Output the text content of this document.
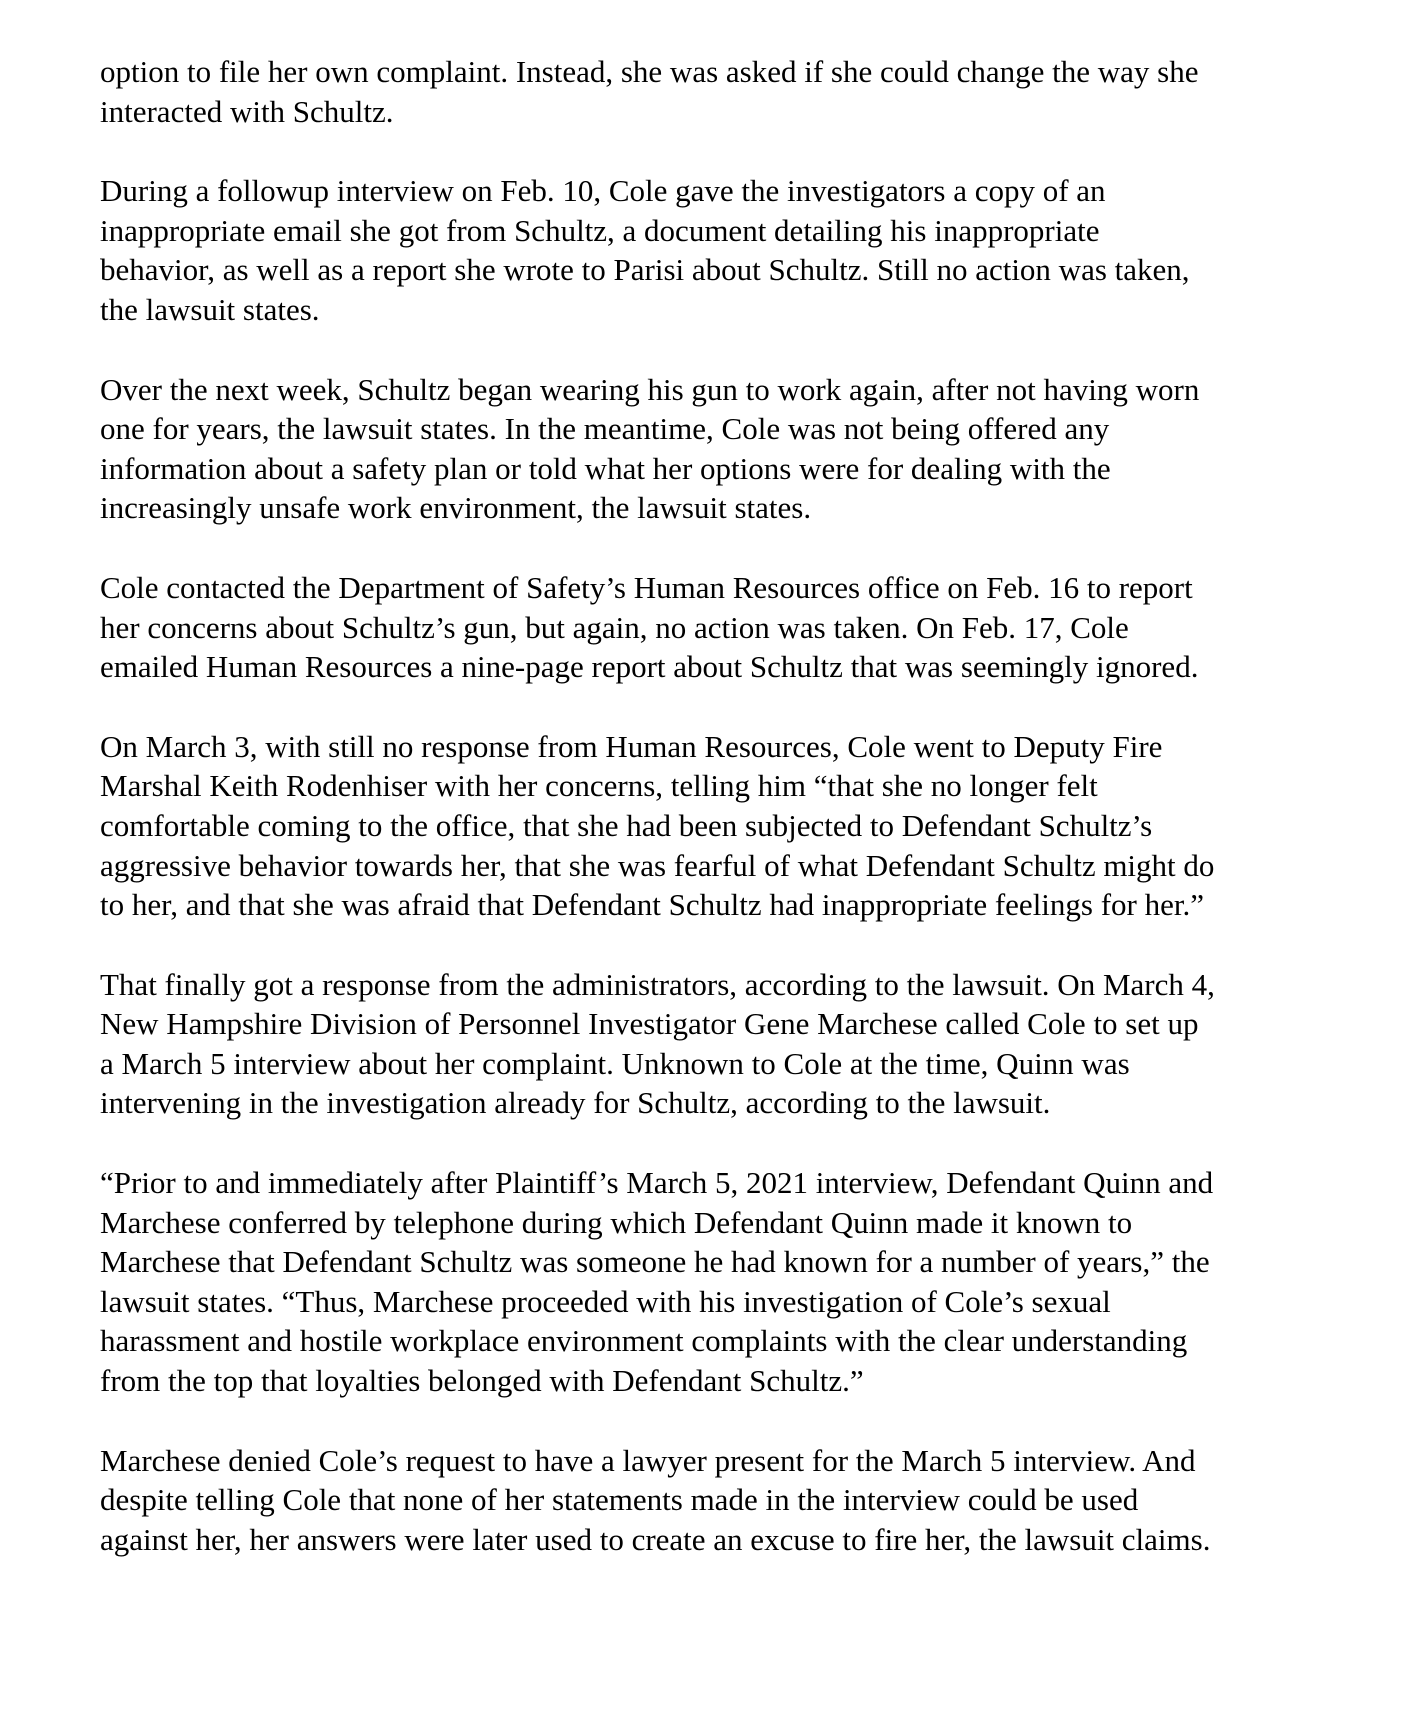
option to file her own complaint. Instead, she was asked if she could change the way she
interacted with Schultz.

During a followup interview on Feb. 10, Cole gave the investigators a copy of an
inappropriate email she got from Schultz, a document detailing his inappropriate
behavior, as well as a report she wrote to Parisi about Schultz. Still no action was taken,
the lawsuit states.

Over the next week, Schultz began wearing his gun to work again, after not having worn
one for years, the lawsuit states. In the meantime, Cole was not being offered any
information about a safety plan or told what her options were for dealing with the
increasingly unsafe work environment, the lawsuit states.

Cole contacted the Department of Safety’s Human Resources office on Feb. 16 to report
her concerns about Schultz’s gun, but again, no action was taken. On Feb. 17, Cole
emailed Human Resources a nine-page report about Schultz that was seemingly ignored.

On March 3, with still no response from Human Resources, Cole went to Deputy Fire
Marshal Keith Rodenhiser with her concerns, telling him “that she no longer felt
comfortable coming to the office, that she had been subjected to Defendant Schultz’s
aggressive behavior towards her, that she was fearful of what Defendant Schultz might do
to her, and that she was afraid that Defendant Schultz had inappropriate feelings for her.”

That finally got a response from the administrators, according to the lawsuit. On March 4,
New Hampshire Division of Personnel Investigator Gene Marchese called Cole to set up
a March 5 interview about her complaint. Unknown to Cole at the time, Quinn was
intervening in the investigation already for Schultz, according to the lawsuit.

“Prior to and immediately after Plaintiff’s March 5, 2021 interview, Defendant Quinn and
Marchese conferred by telephone during which Defendant Quinn made it known to
Marchese that Defendant Schultz was someone he had known for a number of years,” the
lawsuit states. “Thus, Marchese proceeded with his investigation of Cole’s sexual
harassment and hostile workplace environment complaints with the clear understanding
from the top that loyalties belonged with Defendant Schultz.”

Marchese denied Cole’s request to have a lawyer present for the March 5 interview. And
despite telling Cole that none of her statements made in the interview could be used
against her, her answers were later used to create an excuse to fire her, the lawsuit claims.
